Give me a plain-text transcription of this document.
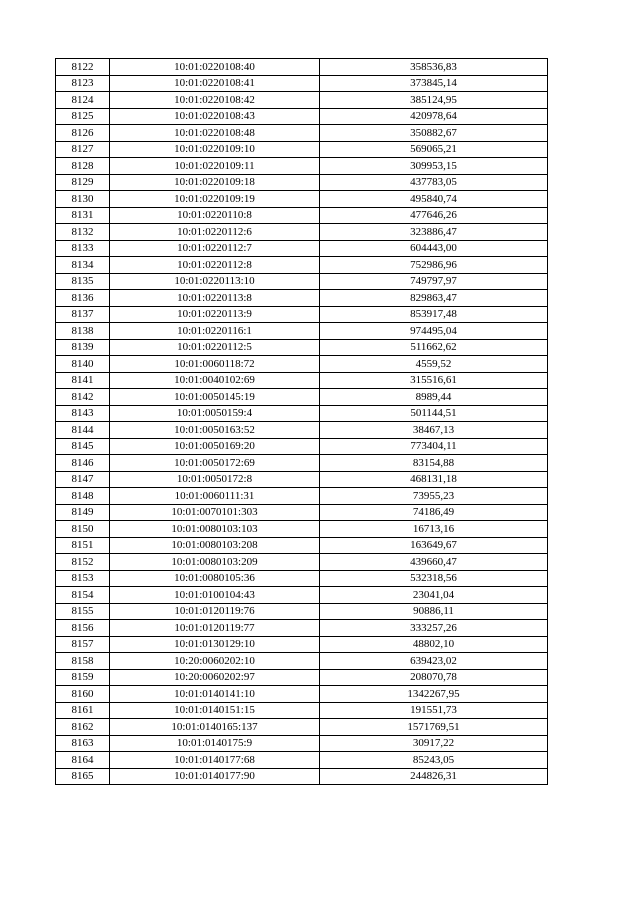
8122	10:01:0220108:40	358536,83
8123	10:01:0220108:41	373845,14
8124	10:01:0220108:42	385124,95
8125	10:01:0220108:43	420978,64
8126	10:01:0220108:48	350882,67
8127	10:01:0220109:10	569065,21
8128	10:01:0220109:11	309953,15
8129	10:01:0220109:18	437783,05
8130	10:01:0220109:19	495840,74
8131	10:01:0220110:8	477646,26
8132	10:01:0220112:6	323886,47
8133	10:01:0220112:7	604443,00
8134	10:01:0220112:8	752986,96
8135	10:01:0220113:10	749797,97
8136	10:01:0220113:8	829863,47
8137	10:01:0220113:9	853917,48
8138	10:01:0220116:1	974495,04
8139	10:01:0220112:5	511662,62
8140	10:01:0060118:72	4559,52
8141	10:01:0040102:69	315516,61
8142	10:01:0050145:19	8989,44
8143	10:01:0050159:4	501144,51
8144	10:01:0050163:52	38467,13
8145	10:01:0050169:20	773404,11
8146	10:01:0050172:69	83154,88
8147	10:01:0050172:8	468131,18
8148	10:01:0060111:31	73955,23
8149	10:01:0070101:303	74186,49
8150	10:01:0080103:103	16713,16
8151	10:01:0080103:208	163649,67
8152	10:01:0080103:209	439660,47
8153	10:01:0080105:36	532318,56
8154	10:01:0100104:43	23041,04
8155	10:01:0120119:76	90886,11
8156	10:01:0120119:77	333257,26
8157	10:01:0130129:10	48802,10
8158	10:20:0060202:10	639423,02
8159	10:20:0060202:97	208070,78
8160	10:01:0140141:10	1342267,95
8161	10:01:0140151:15	191551,73
8162	10:01:0140165:137	1571769,51
8163	10:01:0140175:9	30917,22
8164	10:01:0140177:68	85243,05
8165	10:01:0140177:90	244826,31
